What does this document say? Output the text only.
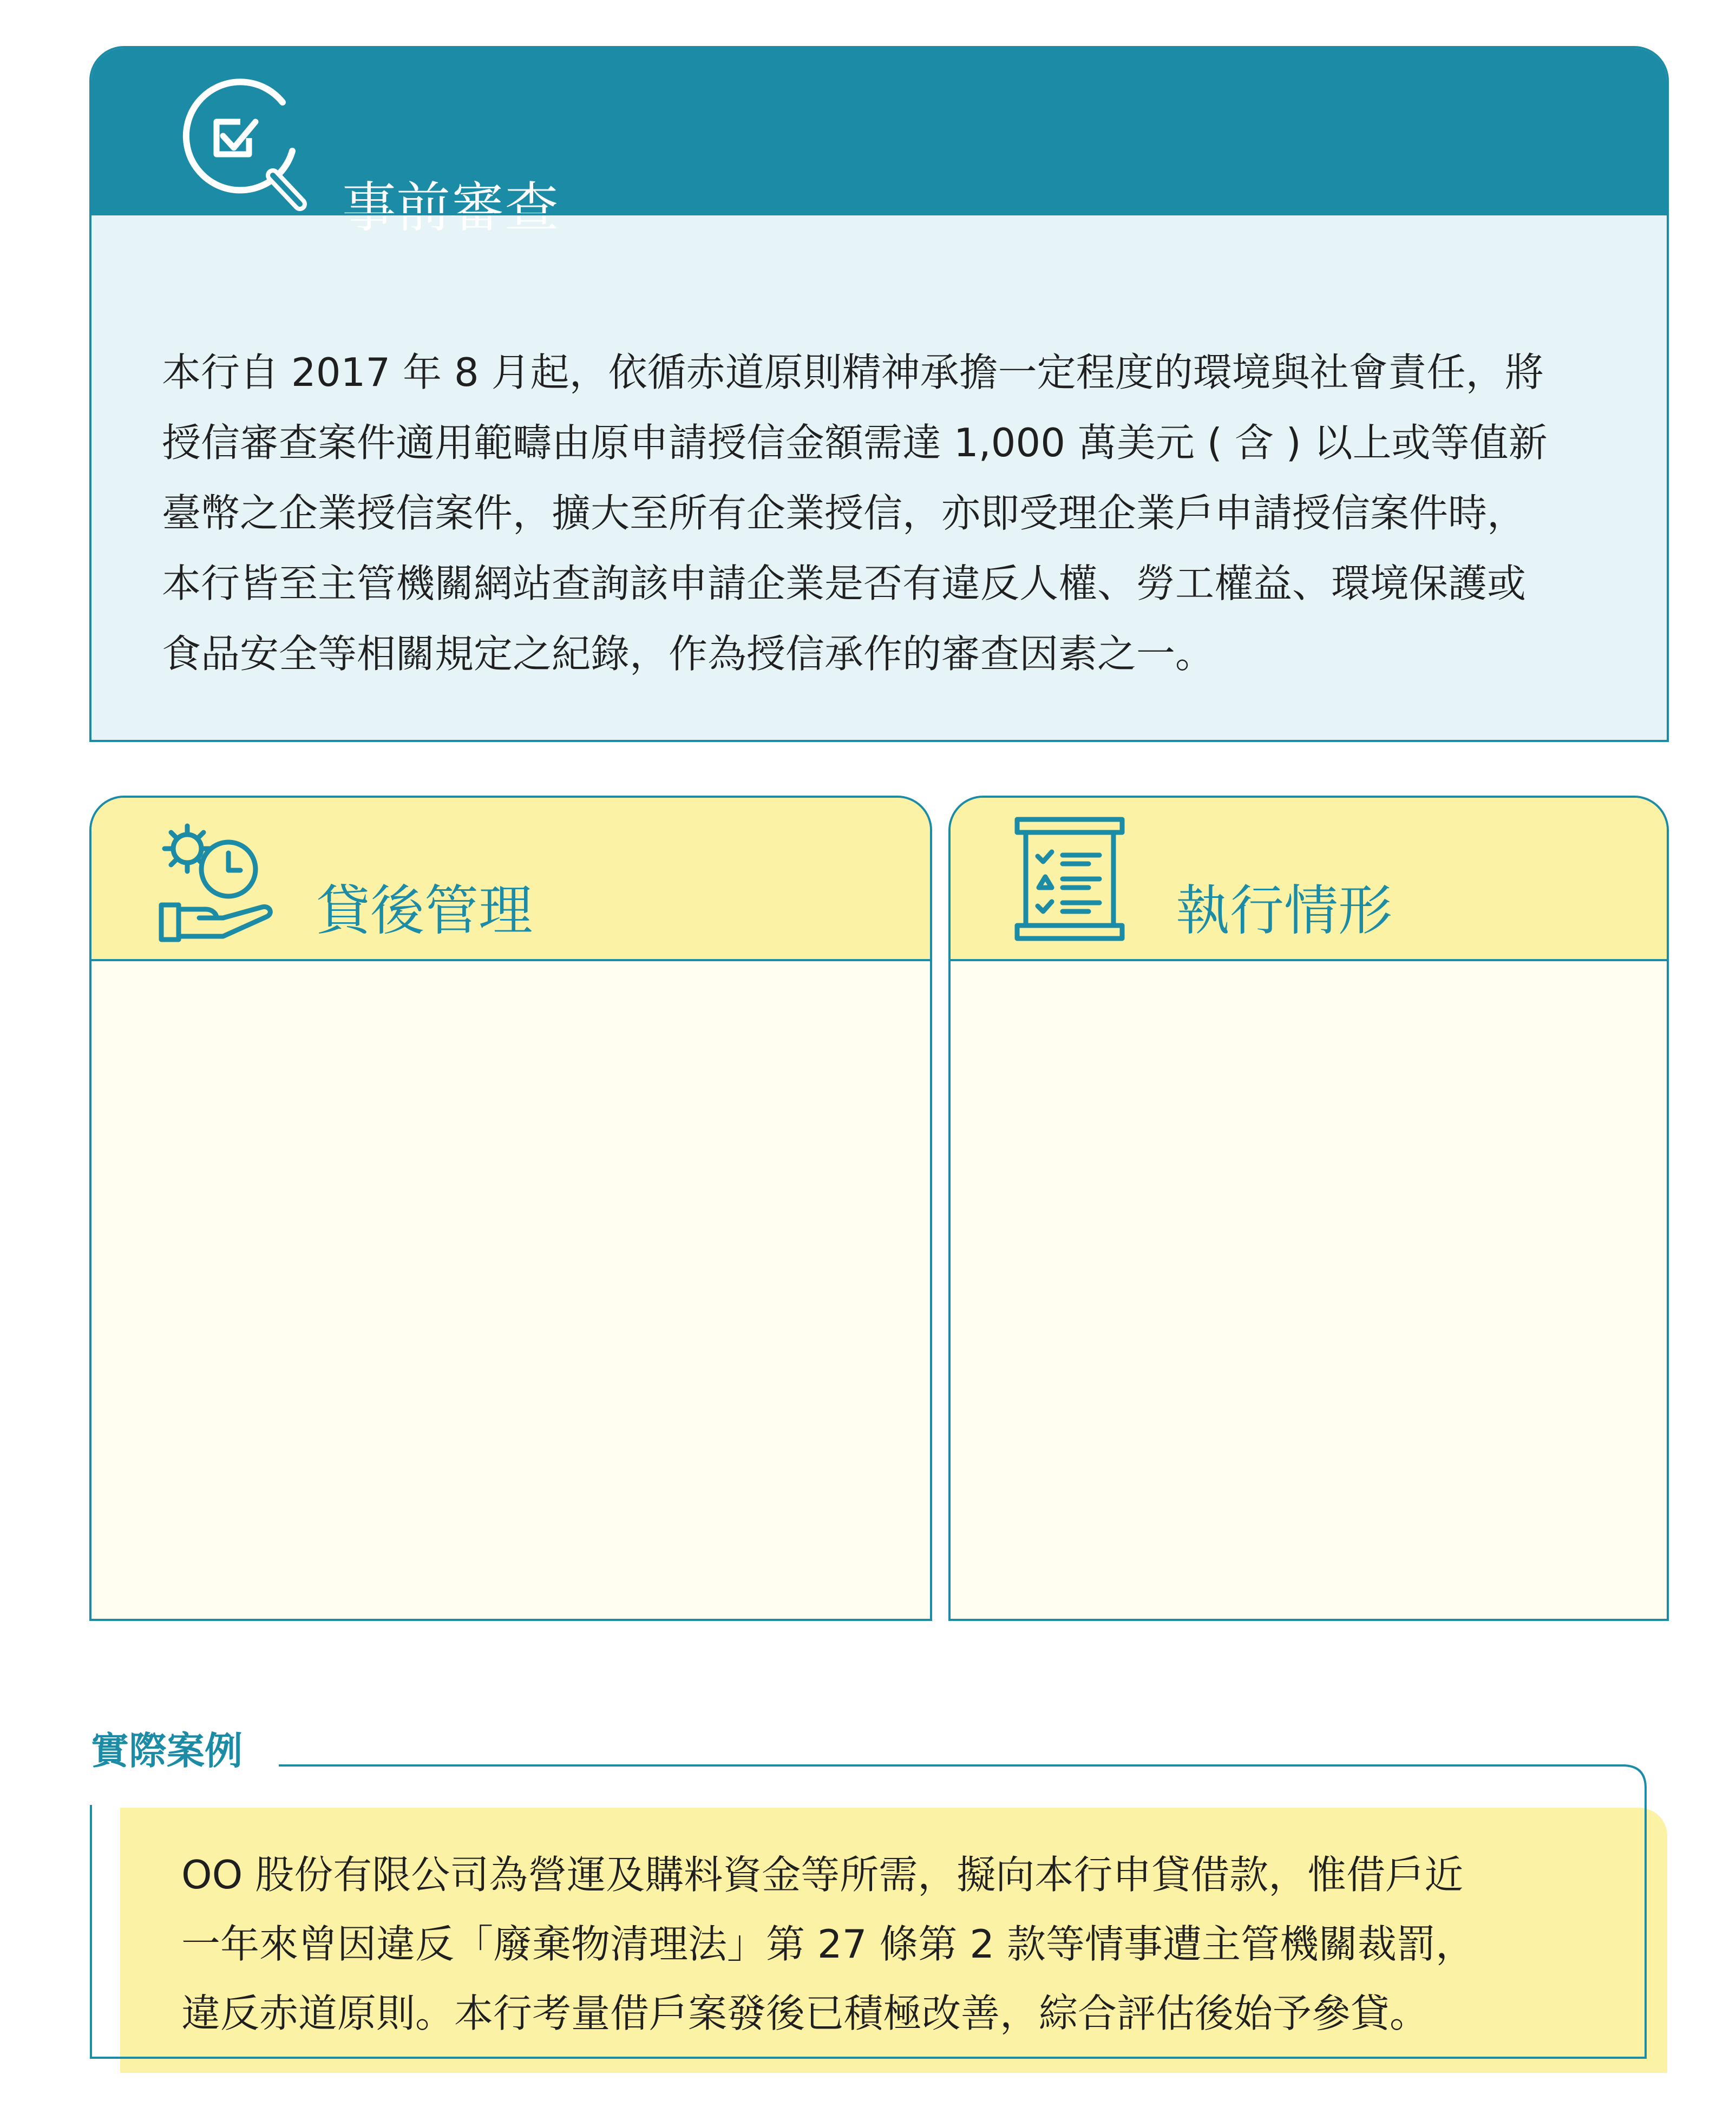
事前審查

本行自 2017 年 8 月起，依循赤道原則精神承擔一定程度的環境與社會責任，將
授信審查案件適用範疇由原申請授信金額需達 1,000 萬美元 ( 含 ) 以上或等值新
臺幣之企業授信案件，擴大至所有企業授信，亦即受理企業戶申請授信案件時，
本行皆至主管機關網站查詢該申請企業是否有違反人權、勞工權益、環境保護或
食品安全等相關規定之紀錄，作為授信承作的審查因素之一。

貸後管理	執行情形

實際案例

OO 股份有限公司為營運及購料資金等所需，擬向本行申貸借款，惟借戶近
一年來曾因違反「廢棄物清理法」第 27 條第 2 款等情事遭主管機關裁罰，
違反赤道原則。本行考量借戶案發後已積極改善，綜合評估後始予參貸。
